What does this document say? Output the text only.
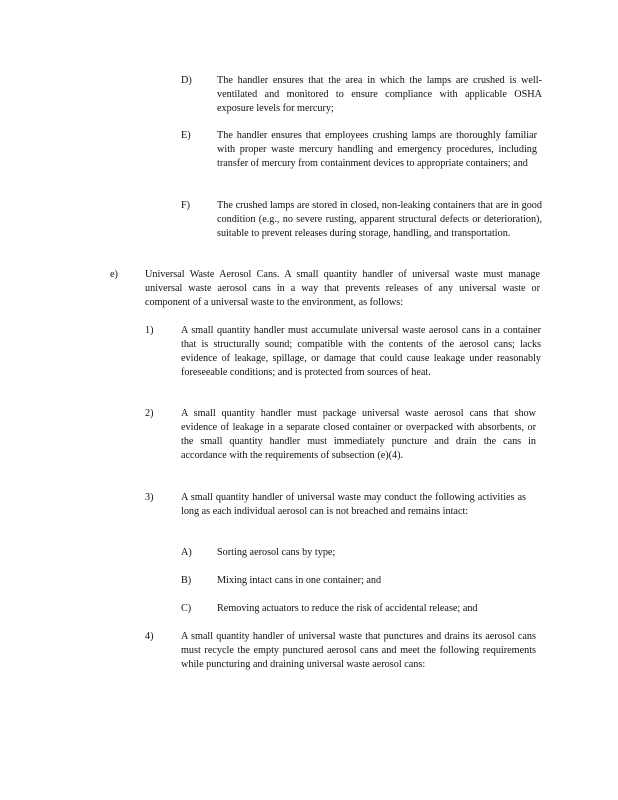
D) The handler ensures that the area in which the lamps are crushed is well-ventilated and monitored to ensure compliance with applicable OSHA exposure levels for mercury;
E)	The handler ensures that employees crushing lamps are thoroughly familiar with proper waste mercury handling and emergency procedures, including transfer of mercury from containment devices to appropriate containers; and
F)	The crushed lamps are stored in closed, non-leaking containers that are in good condition (e.g., no severe rusting, apparent structural defects or deterioration), suitable to prevent releases during storage, handling, and transportation.
e)	Universal Waste Aerosol Cans. A small quantity handler of universal waste must manage universal waste aerosol cans in a way that prevents releases of any universal waste or component of a universal waste to the environment, as follows:
1)	A small quantity handler must accumulate universal waste aerosol cans in a container that is structurally sound; compatible with the contents of the aerosol cans; lacks evidence of leakage, spillage, or damage that could cause leakage under reasonably foreseeable conditions; and is protected from sources of heat.
2)	A small quantity handler must package universal waste aerosol cans that show evidence of leakage in a separate closed container or overpacked with absorbents, or the small quantity handler must immediately puncture and drain the cans in accordance with the requirements of subsection (e)(4).
3)	A small quantity handler of universal waste may conduct the following activities as long as each individual aerosol can is not breached and remains intact:
A) Sorting aerosol cans by type;
B)	Mixing intact cans in one container; and
C)	Removing actuators to reduce the risk of accidental release; and
4)	A small quantity handler of universal waste that punctures and drains its aerosol cans must recycle the empty punctured aerosol cans and meet the following requirements while puncturing and draining universal waste aerosol cans:
